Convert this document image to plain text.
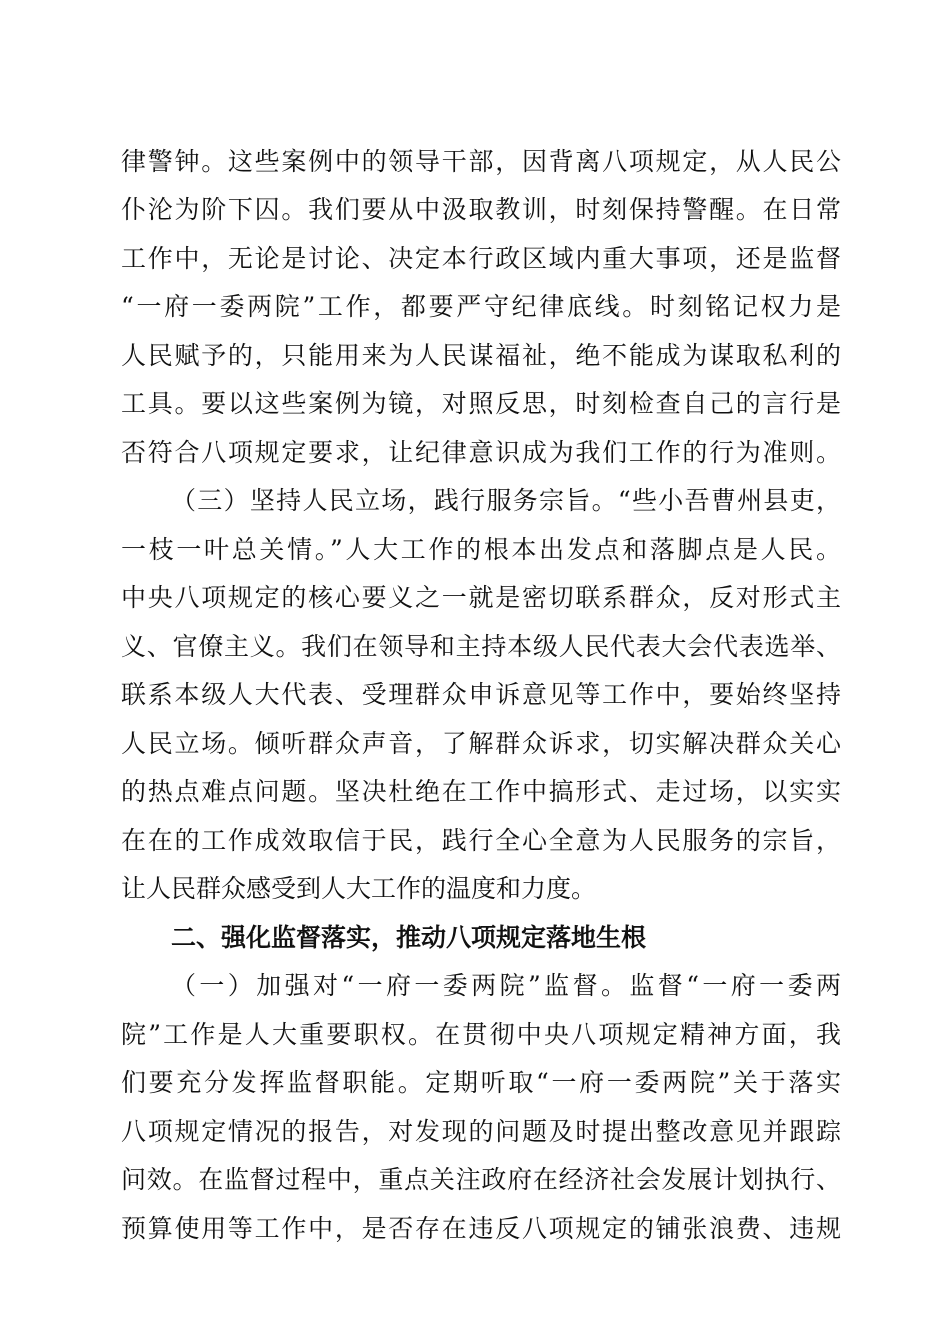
律警钟。这些案例中的领导干部，因背离八项规定，从人民公
仆沦为阶下囚。我们要从中汲取教训，时刻保持警醒。在日常
工作中，无论是讨论、决定本行政区域内重大事项，还是监督
“一府一委两院”工作，都要严守纪律底线。时刻铭记权力是
人民赋予的，只能用来为人民谋福祉，绝不能成为谋取私利的
工具。要以这些案例为镜，对照反思，时刻检查自己的言行是
否符合八项规定要求，让纪律意识成为我们工作的行为准则。
（三）坚持人民立场，践行服务宗旨。“些小吾曹州县吏，
一枝一叶总关情。”人大工作的根本出发点和落脚点是人民。
中央八项规定的核心要义之一就是密切联系群众，反对形式主
义、官僚主义。我们在领导和主持本级人民代表大会代表选举、
联系本级人大代表、受理群众申诉意见等工作中，要始终坚持
人民立场。倾听群众声音，了解群众诉求，切实解决群众关心
的热点难点问题。坚决杜绝在工作中搞形式、走过场，以实实
在在的工作成效取信于民，践行全心全意为人民服务的宗旨，
让人民群众感受到人大工作的温度和力度。
二、强化监督落实，推动八项规定落地生根
（一）加强对“一府一委两院”监督。监督“一府一委两
院”工作是人大重要职权。在贯彻中央八项规定精神方面，我
们要充分发挥监督职能。定期听取“一府一委两院”关于落实
八项规定情况的报告，对发现的问题及时提出整改意见并跟踪
问效。在监督过程中，重点关注政府在经济社会发展计划执行、
预算使用等工作中，是否存在违反八项规定的铺张浪费、违规
